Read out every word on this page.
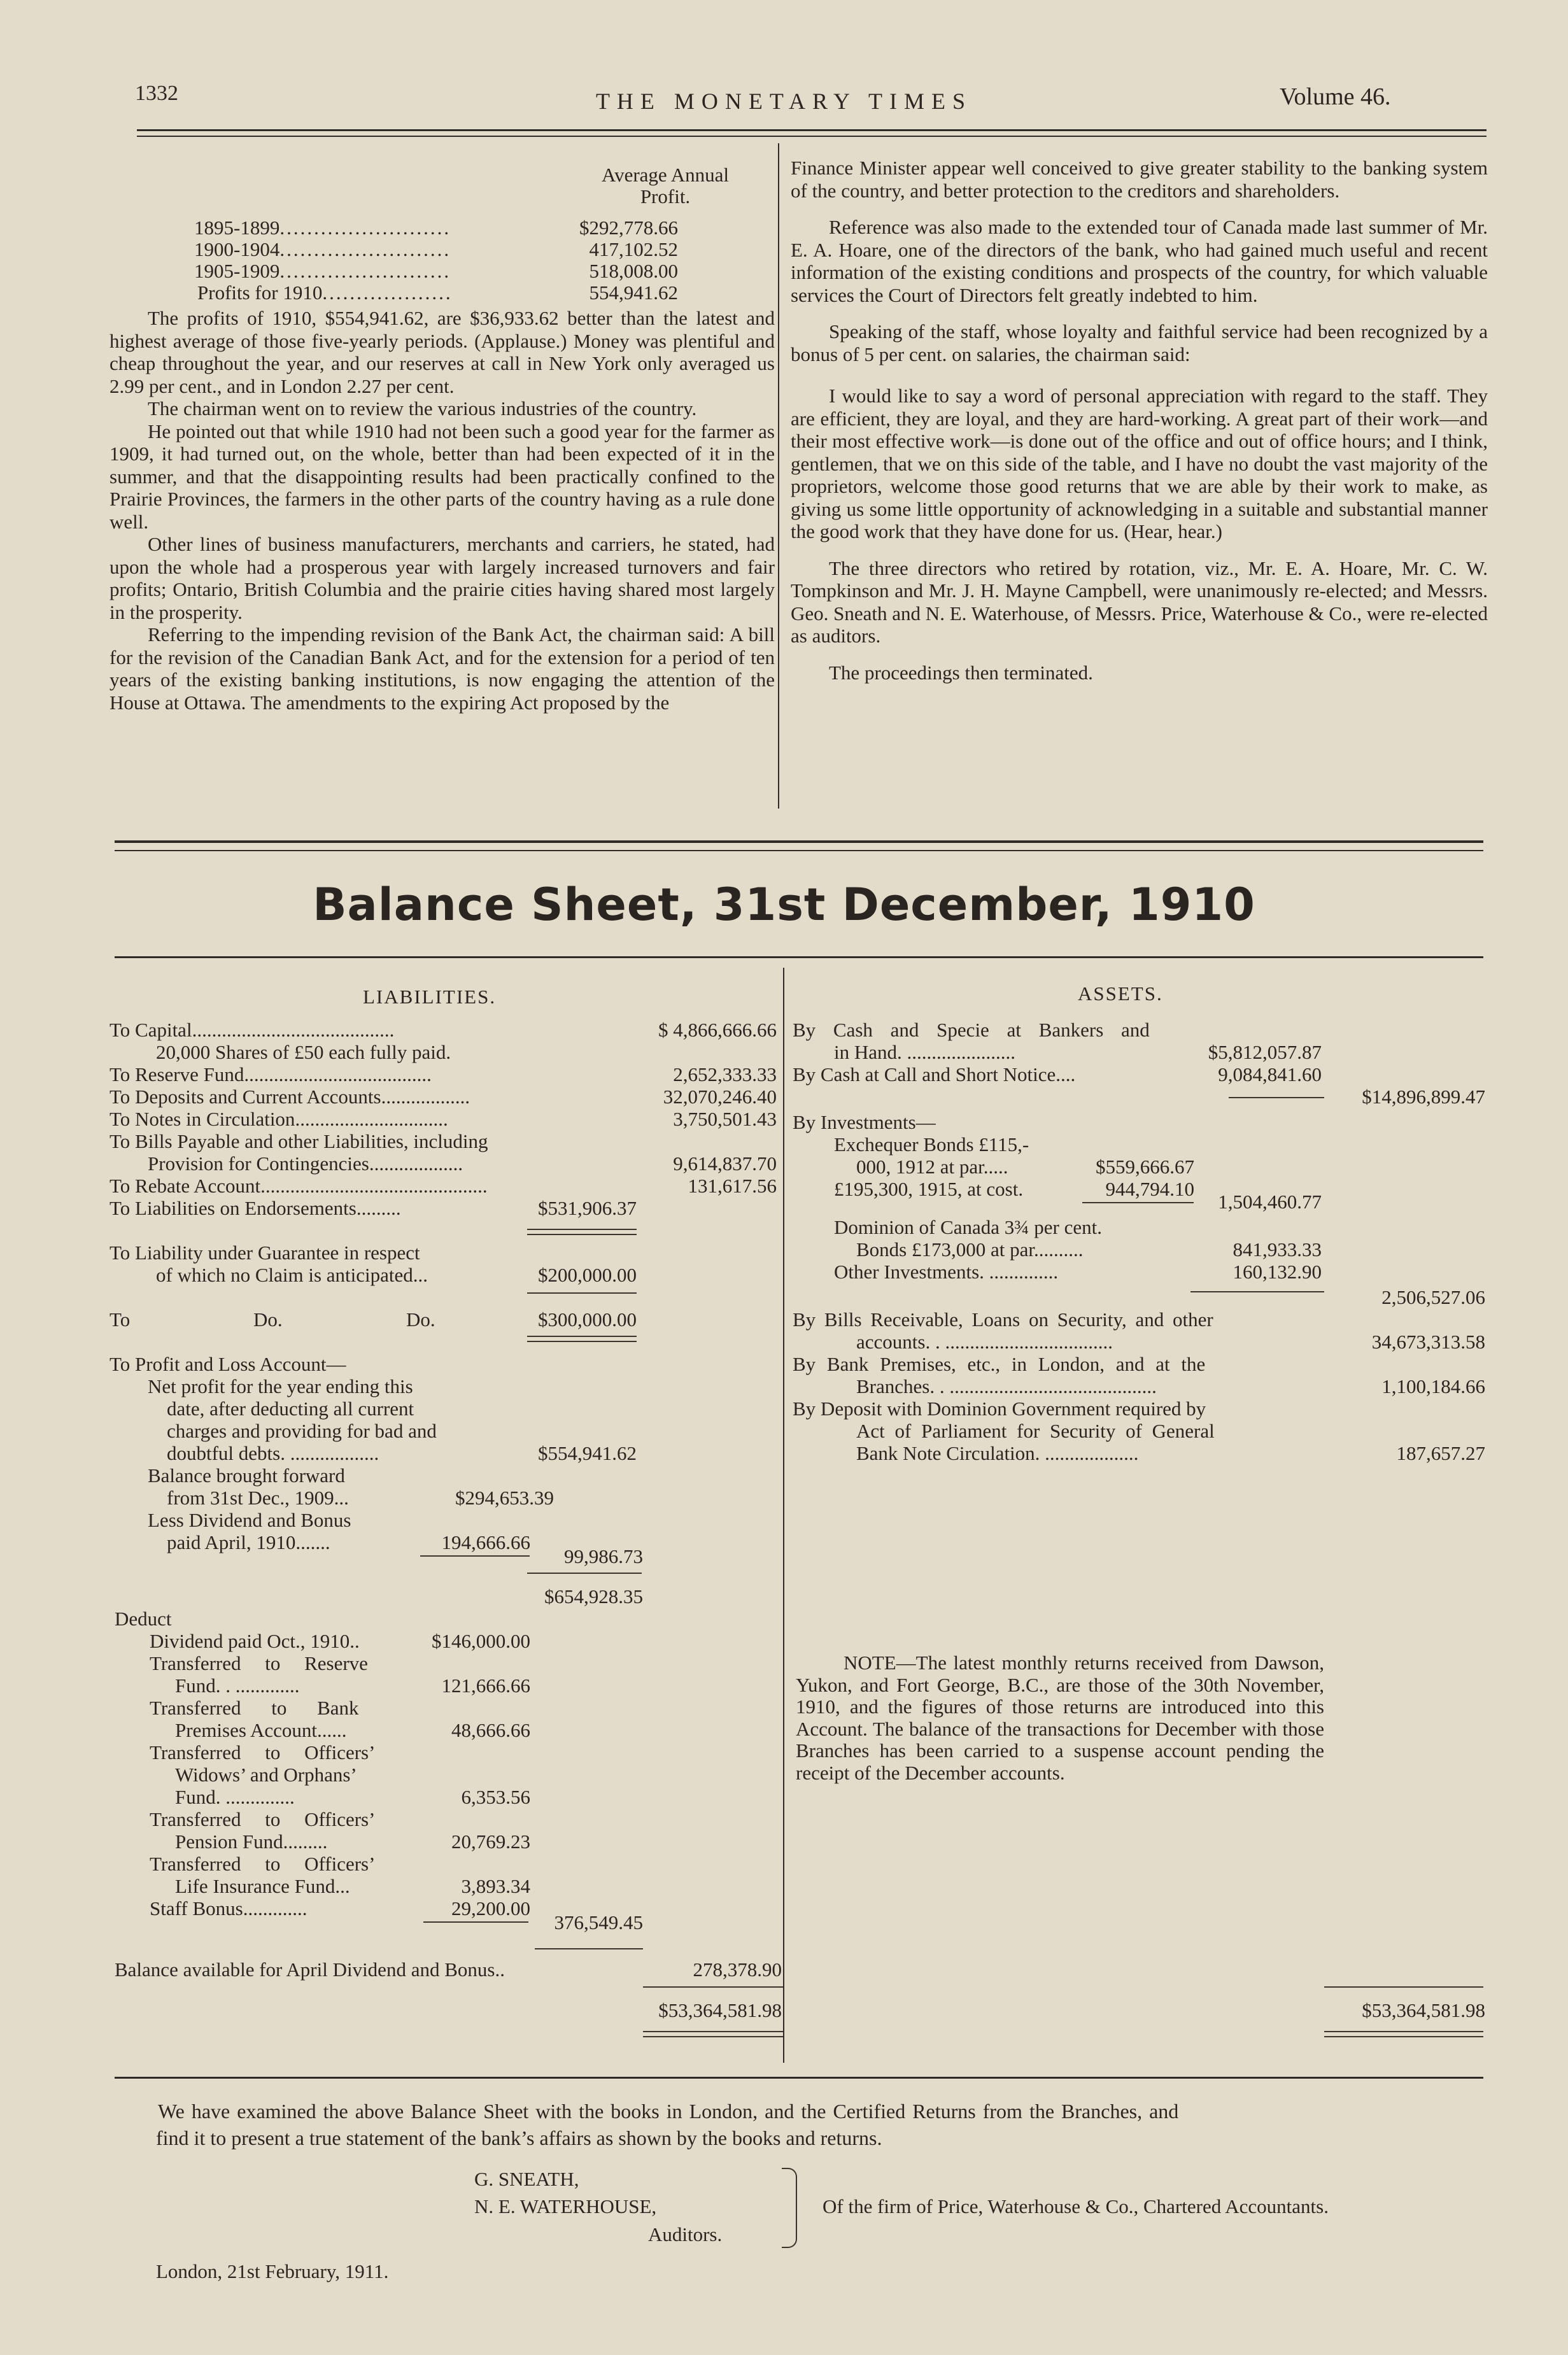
1332	THE MONETARY TIMES	Volume 46.
Average Annual
Profit.
1895-1899.........................	$292,778.66
1900-1904.........................	417,102.52
1905-1909.........................	518,008.00
Profits for 1910...................	554,941.62

The profits of 1910, $554,941.62, are $36,933.62 better than the latest and highest average of those five-yearly periods. (Applause.) Money was plentiful and cheap throughout the year, and our reserves at call in New York only averaged us 2.99 per cent., and in London 2.27 per cent.

The chairman went on to review the various industries of the country.

He pointed out that while 1910 had not been such a good year for the farmer as 1909, it had turned out, on the whole, better than had been expected of it in the summer, and that the disappointing results had been practically confined to the Prairie Provinces, the farmers in the other parts of the country having as a rule done well.

Other lines of business manufacturers, merchants and carriers, he stated, had upon the whole had a prosperous year with largely increased turnovers and fair profits; Ontario, British Columbia and the prairie cities having shared most largely in the prosperity.

Referring to the impending revision of the Bank Act, the chairman said: A bill for the revision of the Canadian Bank Act, and for the extension for a period of ten years of the existing banking institutions, is now engaging the attention of the House at Ottawa. The amendments to the expiring Act proposed by the

Finance Minister appear well conceived to give greater stability to the banking system of the country, and better protection to the creditors and shareholders.

Reference was also made to the extended tour of Canada made last summer of Mr. E. A. Hoare, one of the directors of the bank, who had gained much useful and recent information of the existing conditions and prospects of the country, for which valuable services the Court of Directors felt greatly indebted to him.

Speaking of the staff, whose loyalty and faithful service had been recognized by a bonus of 5 per cent. on salaries, the chairman said:

I would like to say a word of personal appreciation with regard to the staff. They are efficient, they are loyal, and they are hard-working. A great part of their work—and their most effective work—is done out of the office and out of office hours; and I think, gentlemen, that we on this side of the table, and I have no doubt the vast majority of the proprietors, welcome those good returns that we are able by their work to make, as giving us some little opportunity of acknowledging in a suitable and substantial manner the good work that they have done for us. (Hear, hear.)

The three directors who retired by rotation, viz., Mr. E. A. Hoare, Mr. C. W. Tompkinson and Mr. J. H. Mayne Campbell, were unanimously re-elected; and Messrs. Geo. Sneath and N. E. Waterhouse, of Messrs. Price, Waterhouse & Co., were re-elected as auditors.

The proceedings then terminated.

Balance Sheet, 31st December, 1910
LIABILITIES.	ASSETS.
To Capital.........................................	$ 4,866,666.66
20,000 Shares of £50 each fully paid.
To Reserve Fund......................................	2,652,333.33
To Deposits and Current Accounts..................	32,070,246.40
To Notes in Circulation...............................	3,750,501.43
To Bills Payable and other Liabilities, including
Provision for Contingencies...................	9,614,837.70
To Rebate Account..............................................	131,617.56
To Liabilities on Endorsements.........	$531,906.37
To Liability under Guarantee in respect
of which no Claim is anticipated...	$200,000.00
To	Do.	Do.	$300,000.00
To Profit and Loss Account—
Net profit for the year ending this
date, after deducting all current
charges and providing for bad and
doubtful debts. ..................	$554,941.62
Balance brought forward
from 31st Dec., 1909...	$294,653.39
Less Dividend and Bonus
paid April, 1910.......	194,666.66
99,986.73
$654,928.35
Deduct
Dividend paid Oct., 1910..	$146,000.00
Transferred to Reserve
Fund. . .............	121,666.66
Transferred to Bank
Premises Account......	48,666.66
Transferred to Officers’
Widows’ and Orphans’
Fund. ..............	6,353.56
Transferred to Officers’
Pension Fund.........	20,769.23
Transferred to Officers’
Life Insurance Fund...	3,893.34
Staff Bonus.............	29,200.00
376,549.45
Balance available for April Dividend and Bonus..	278,378.90
$53,364,581.98
By Cash and Specie at Bankers and
in Hand. ......................	$5,812,057.87
By Cash at Call and Short Notice....	9,084,841.60
$14,896,899.47
By Investments—
Exchequer Bonds £115,-
000, 1912 at par.....	$559,666.67
£195,300, 1915, at cost.	944,794.10
1,504,460.77
Dominion of Canada 3¾ per cent.
Bonds £173,000 at par..........	841,933.33
Other Investments. ..............	160,132.90
2,506,527.06
By Bills Receivable, Loans on Security, and other
accounts. . ..................................	34,673,313.58
By Bank Premises, etc., in London, and at the
Branches. . ..........................................	1,100,184.66
By Deposit with Dominion Government required by
Act of Parliament for Security of General
Bank Note Circulation. ...................	187,657.27
NOTE—The latest monthly returns received from Dawson, Yukon, and Fort George, B.C., are those of the 30th November, 1910, and the figures of those returns are introduced into this Account. The balance of the transactions for December with those Branches has been carried to a suspense account pending the receipt of the December accounts.
$53,364,581.98
We have examined the above Balance Sheet with the books in London, and the Certified Returns from the Branches, and
find it to present a true statement of the bank’s affairs as shown by the books and returns.
G. SNEATH,
N. E. WATERHOUSE,
Auditors.
Of the firm of Price, Waterhouse & Co., Chartered Accountants.
London, 21st February, 1911.
